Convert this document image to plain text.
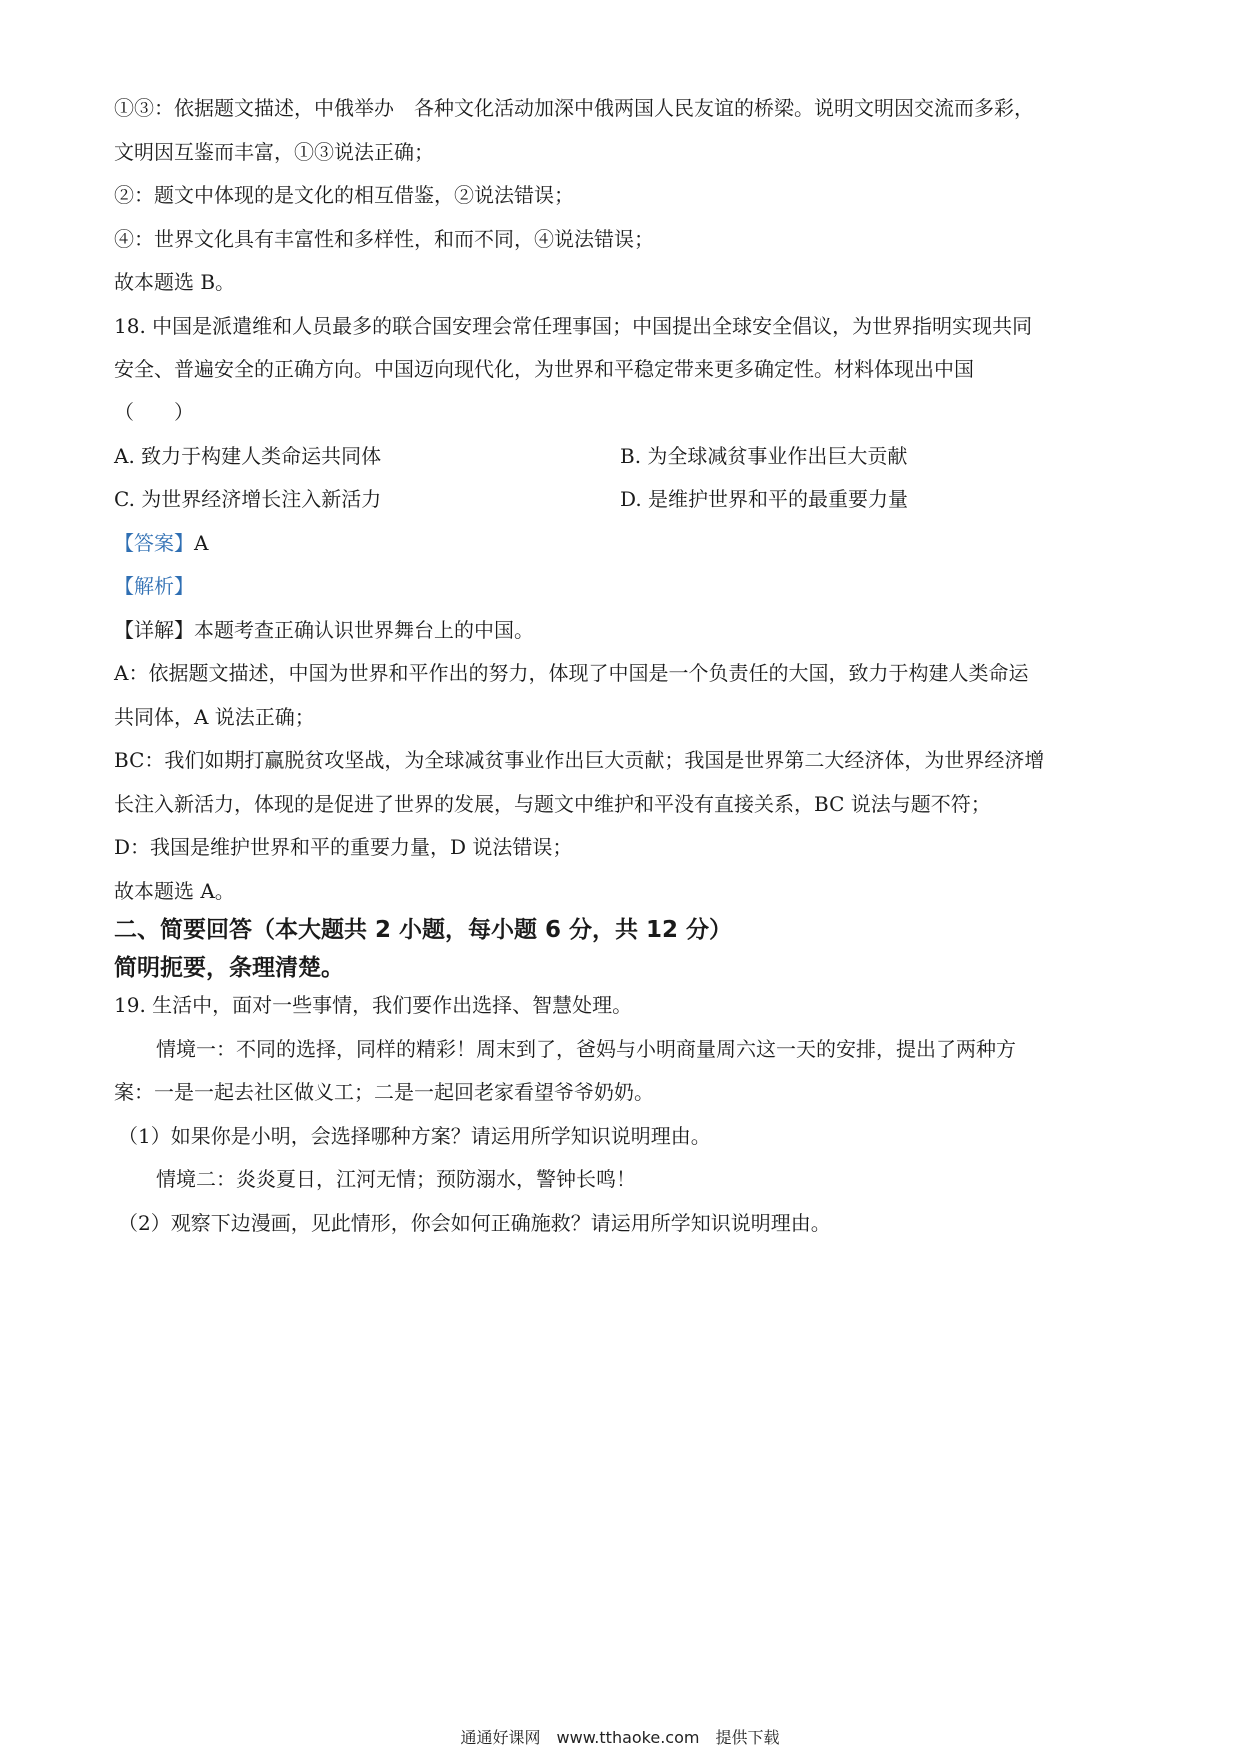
①③：依据题文描述，中俄举办　各种文化活动加深中俄两国人民友谊的桥梁。说明文明因交流而多彩，
文明因互鉴而丰富，①③说法正确；
②：题文中体现的是文化的相互借鉴，②说法错误；
④：世界文化具有丰富性和多样性，和而不同，④说法错误；
故本题选 B。
18. 中国是派遣维和人员最多的联合国安理会常任理事国；中国提出全球安全倡议，为世界指明实现共同
安全、普遍安全的正确方向。中国迈向现代化，为世界和平稳定带来更多确定性。材料体现出中国
（　　）
A. 致力于构建人类命运共同体	B. 为全球减贫事业作出巨大贡献
C. 为世界经济增长注入新活力	D. 是维护世界和平的最重要力量
【答案】A
【解析】
【详解】本题考查正确认识世界舞台上的中国。
A：依据题文描述，中国为世界和平作出的努力，体现了中国是一个负责任的大国，致力于构建人类命运
共同体，A 说法正确；
BC：我们如期打赢脱贫攻坚战，为全球减贫事业作出巨大贡献；我国是世界第二大经济体，为世界经济增
长注入新活力，体现的是促进了世界的发展，与题文中维护和平没有直接关系，BC 说法与题不符；
D：我国是维护世界和平的重要力量，D 说法错误；
故本题选 A。
二、简要回答（本大题共 2 小题，每小题 6 分，共 12 分）
简明扼要，条理清楚。
19. 生活中，面对一些事情，我们要作出选择、智慧处理。
情境一：不同的选择，同样的精彩！周末到了，爸妈与小明商量周六这一天的安排，提出了两种方
案：一是一起去社区做义工；二是一起回老家看望爷爷奶奶。
（1）如果你是小明，会选择哪种方案？请运用所学知识说明理由。
情境二：炎炎夏日，江河无情；预防溺水，警钟长鸣！
（2）观察下边漫画，见此情形，你会如何正确施救？请运用所学知识说明理由。
通通好课网　www.tthaoke.com　提供下载
